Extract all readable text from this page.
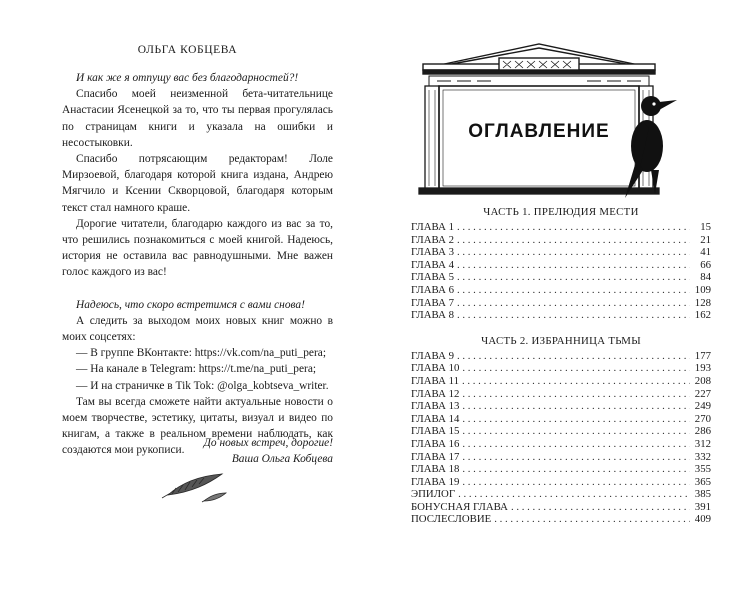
ОЛЬГА КОБЦЕВА

И как же я отпущу вас без благодарностей?!

Спасибо моей неизменной бета-читательнице Анастасии Ясенецкой за то, что ты первая прогулялась по страницам книги и указала на ошибки и несостыковки.

Спасибо потрясающим редакторам! Лоле Мирзоевой, благодаря которой книга издана, Андрею Мягчило и Ксении Скворцовой, благодаря которым текст стал намного краше.

Дорогие читатели, благодарю каждого из вас за то, что решились познакомиться с моей книгой. Надеюсь, история не оставила вас равнодушными. Мне важен голос каждого из вас!

Надеюсь, что скоро встретимся с вами снова!

А следить за выходом моих новых книг можно в моих соцсетях:

— В группе ВКонтакте: https://vk.com/na_puti_pera;

— На канале в Telegram: https://t.me/na_puti_pera;

— И на страничке в Tik Tok: @olga_kobtseva_writer.

Там вы всегда сможете найти актуальные новости о моем творчестве, эстетику, цитаты, визуал и видео по книгам, а также в реальном времени наблюдать, как создаются мои рукописи.

До новых встреч, дорогие!
Ваша Ольга Кобцева
ОГЛАВЛЕНИЕ
ЧАСТЬ 1. ПРЕЛЮДИЯ МЕСТИ
ГЛАВА 1 . . .	15
ГЛАВА 2 . . .	21
ГЛАВА 3 . . .	41
ГЛАВА 4 . . .	66
ГЛАВА 5 . . .	84
ГЛАВА 6 . . .	109
ГЛАВА 7 . . .	128
ГЛАВА 8 . . .	162
ЧАСТЬ 2. ИЗБРАННИЦА ТЬМЫ
ГЛАВА 9 . . .	177
ГЛАВА 10 . . .	193
ГЛАВА 11 . . .	208
ГЛАВА 12 . . .	227
ГЛАВА 13 . . .	249
ГЛАВА 14 . . .	270
ГЛАВА 15 . . .	286
ГЛАВА 16 . . .	312
ГЛАВА 17 . . .	332
ГЛАВА 18 . . .	355
ГЛАВА 19 . . .	365
ЭПИЛОГ . . .	385
БОНУСНАЯ ГЛАВА . . .	391
ПОСЛЕСЛОВИЕ . . .	409
